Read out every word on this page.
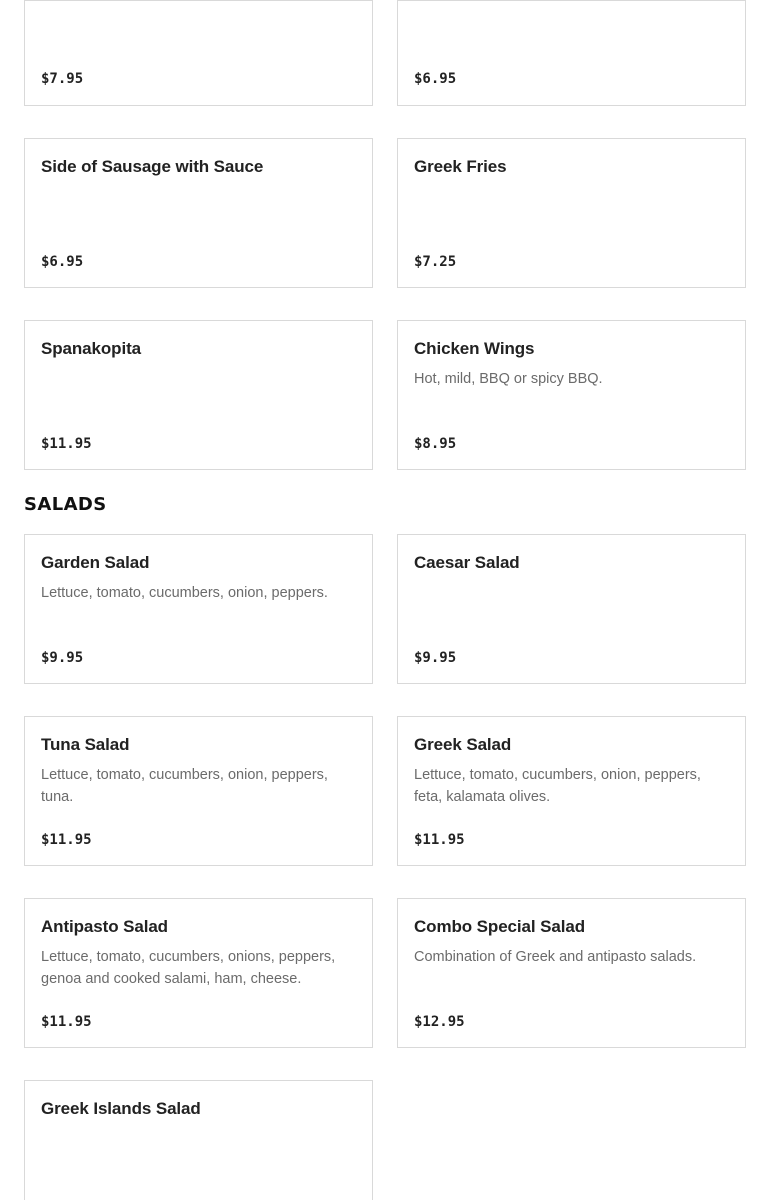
$7.95	$6.95

Side of Sausage with Sauce

$6.95

Greek Fries

$7.25

Spanakopita

$11.95

Chicken Wings

Hot, mild, BBQ or spicy BBQ.

$8.95

SALADS

Garden Salad

Lettuce, tomato, cucumbers, onion, peppers.

$9.95

Caesar Salad

$9.95

Tuna Salad

Lettuce, tomato, cucumbers, onion, peppers, tuna.

$11.95

Greek Salad

Lettuce, tomato, cucumbers, onion, peppers, feta, kalamata olives.

$11.95

Antipasto Salad

Lettuce, tomato, cucumbers, onions, peppers, genoa and cooked salami, ham, cheese.

$11.95

Combo Special Salad

Combination of Greek and antipasto salads.

$12.95

Greek Islands Salad
